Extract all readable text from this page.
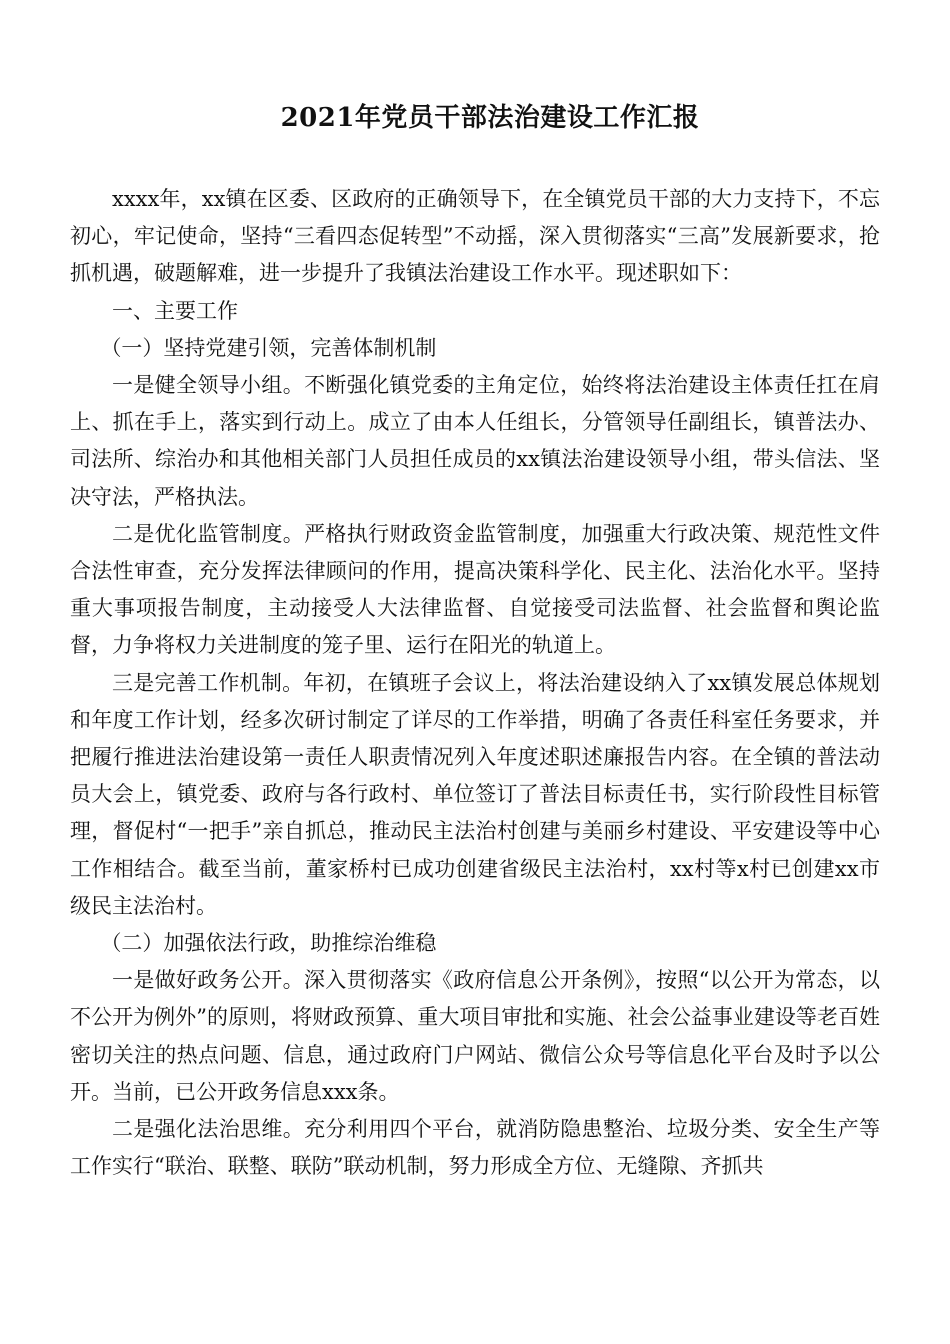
2021年党员干部法治建设工作汇报

xxxx年，xx镇在区委、区政府的正确领导下，在全镇党员干部的大力支持下，不忘初心，牢记使命，坚持“三看四态促转型”不动摇，深入贯彻落实“三高”发展新要求，抢抓机遇，破题解难，进一步提升了我镇法治建设工作水平。现述职如下：

一、主要工作

（一）坚持党建引领，完善体制机制

一是健全领导小组。不断强化镇党委的主角定位，始终将法治建设主体责任扛在肩上、抓在手上，落实到行动上。成立了由本人任组长，分管领导任副组长，镇普法办、司法所、综治办和其他相关部门人员担任成员的xx镇法治建设领导小组，带头信法、坚决守法，严格执法。

二是优化监管制度。严格执行财政资金监管制度，加强重大行政决策、规范性文件合法性审查，充分发挥法律顾问的作用，提高决策科学化、民主化、法治化水平。坚持重大事项报告制度，主动接受人大法律监督、自觉接受司法监督、社会监督和舆论监督，力争将权力关进制度的笼子里、运行在阳光的轨道上。

三是完善工作机制。年初，在镇班子会议上，将法治建设纳入了xx镇发展总体规划和年度工作计划，经多次研讨制定了详尽的工作举措，明确了各责任科室任务要求，并把履行推进法治建设第一责任人职责情况列入年度述职述廉报告内容。在全镇的普法动员大会上，镇党委、政府与各行政村、单位签订了普法目标责任书，实行阶段性目标管理，督促村“一把手”亲自抓总，推动民主法治村创建与美丽乡村建设、平安建设等中心工作相结合。截至当前，董家桥村已成功创建省级民主法治村，xx村等x村已创建xx市级民主法治村。

（二）加强依法行政，助推综治维稳

一是做好政务公开。深入贯彻落实《政府信息公开条例》，按照“以公开为常态，以不公开为例外”的原则，将财政预算、重大项目审批和实施、社会公益事业建设等老百姓密切关注的热点问题、信息，通过政府门户网站、微信公众号等信息化平台及时予以公开。当前，已公开政务信息xxx条。

二是强化法治思维。充分利用四个平台，就消防隐患整治、垃圾分类、安全生产等工作实行“联治、联整、联防”联动机制，努力形成全方位、无缝隙、齐抓共
